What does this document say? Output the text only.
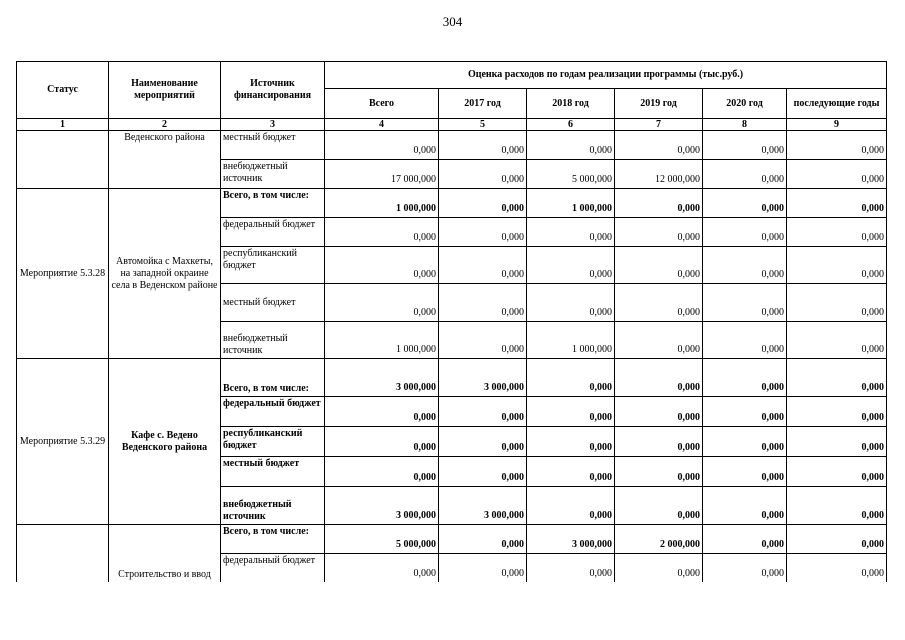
304
Статус	Наименование мероприятий	Источник финансирования	Оценка расходов по годам реализации программы (тыс.руб.)					
			Всего	2017 год	2018 год	2019 год	2020 год	последующие годы
1	2	3	4	5	6	7	8	9
	Веденского района	местный бюджет	0,000	0,000	0,000	0,000	0,000	0,000
		внебюджетный источник	17 000,000	0,000	5 000,000	12 000,000	0,000	0,000
Мероприятие 5.3.28	Автомойка с Махкеты, на западной окраине села в Веденском районе	Всего, в том числе:	1 000,000	0,000	1 000,000	0,000	0,000	0,000
		федеральный бюджет	0,000	0,000	0,000	0,000	0,000	0,000
		республиканский бюджет	0,000	0,000	0,000	0,000	0,000	0,000
		местный бюджет	0,000	0,000	0,000	0,000	0,000	0,000
		внебюджетный источник	1 000,000	0,000	1 000,000	0,000	0,000	0,000
Мероприятие 5.3.29	Кафе с. Ведено Веденского района	Всего, в том числе:	3 000,000	3 000,000	0,000	0,000	0,000	0,000
		федеральный бюджет	0,000	0,000	0,000	0,000	0,000	0,000
		республиканский бюджет	0,000	0,000	0,000	0,000	0,000	0,000
		местный бюджет	0,000	0,000	0,000	0,000	0,000	0,000
		внебюджетный источник	3 000,000	3 000,000	0,000	0,000	0,000	0,000
	Строительство и ввод	Всего, в том числе:	5 000,000	0,000	3 000,000	2 000,000	0,000	0,000
		федеральный бюджет	0,000	0,000	0,000	0,000	0,000	0,000
